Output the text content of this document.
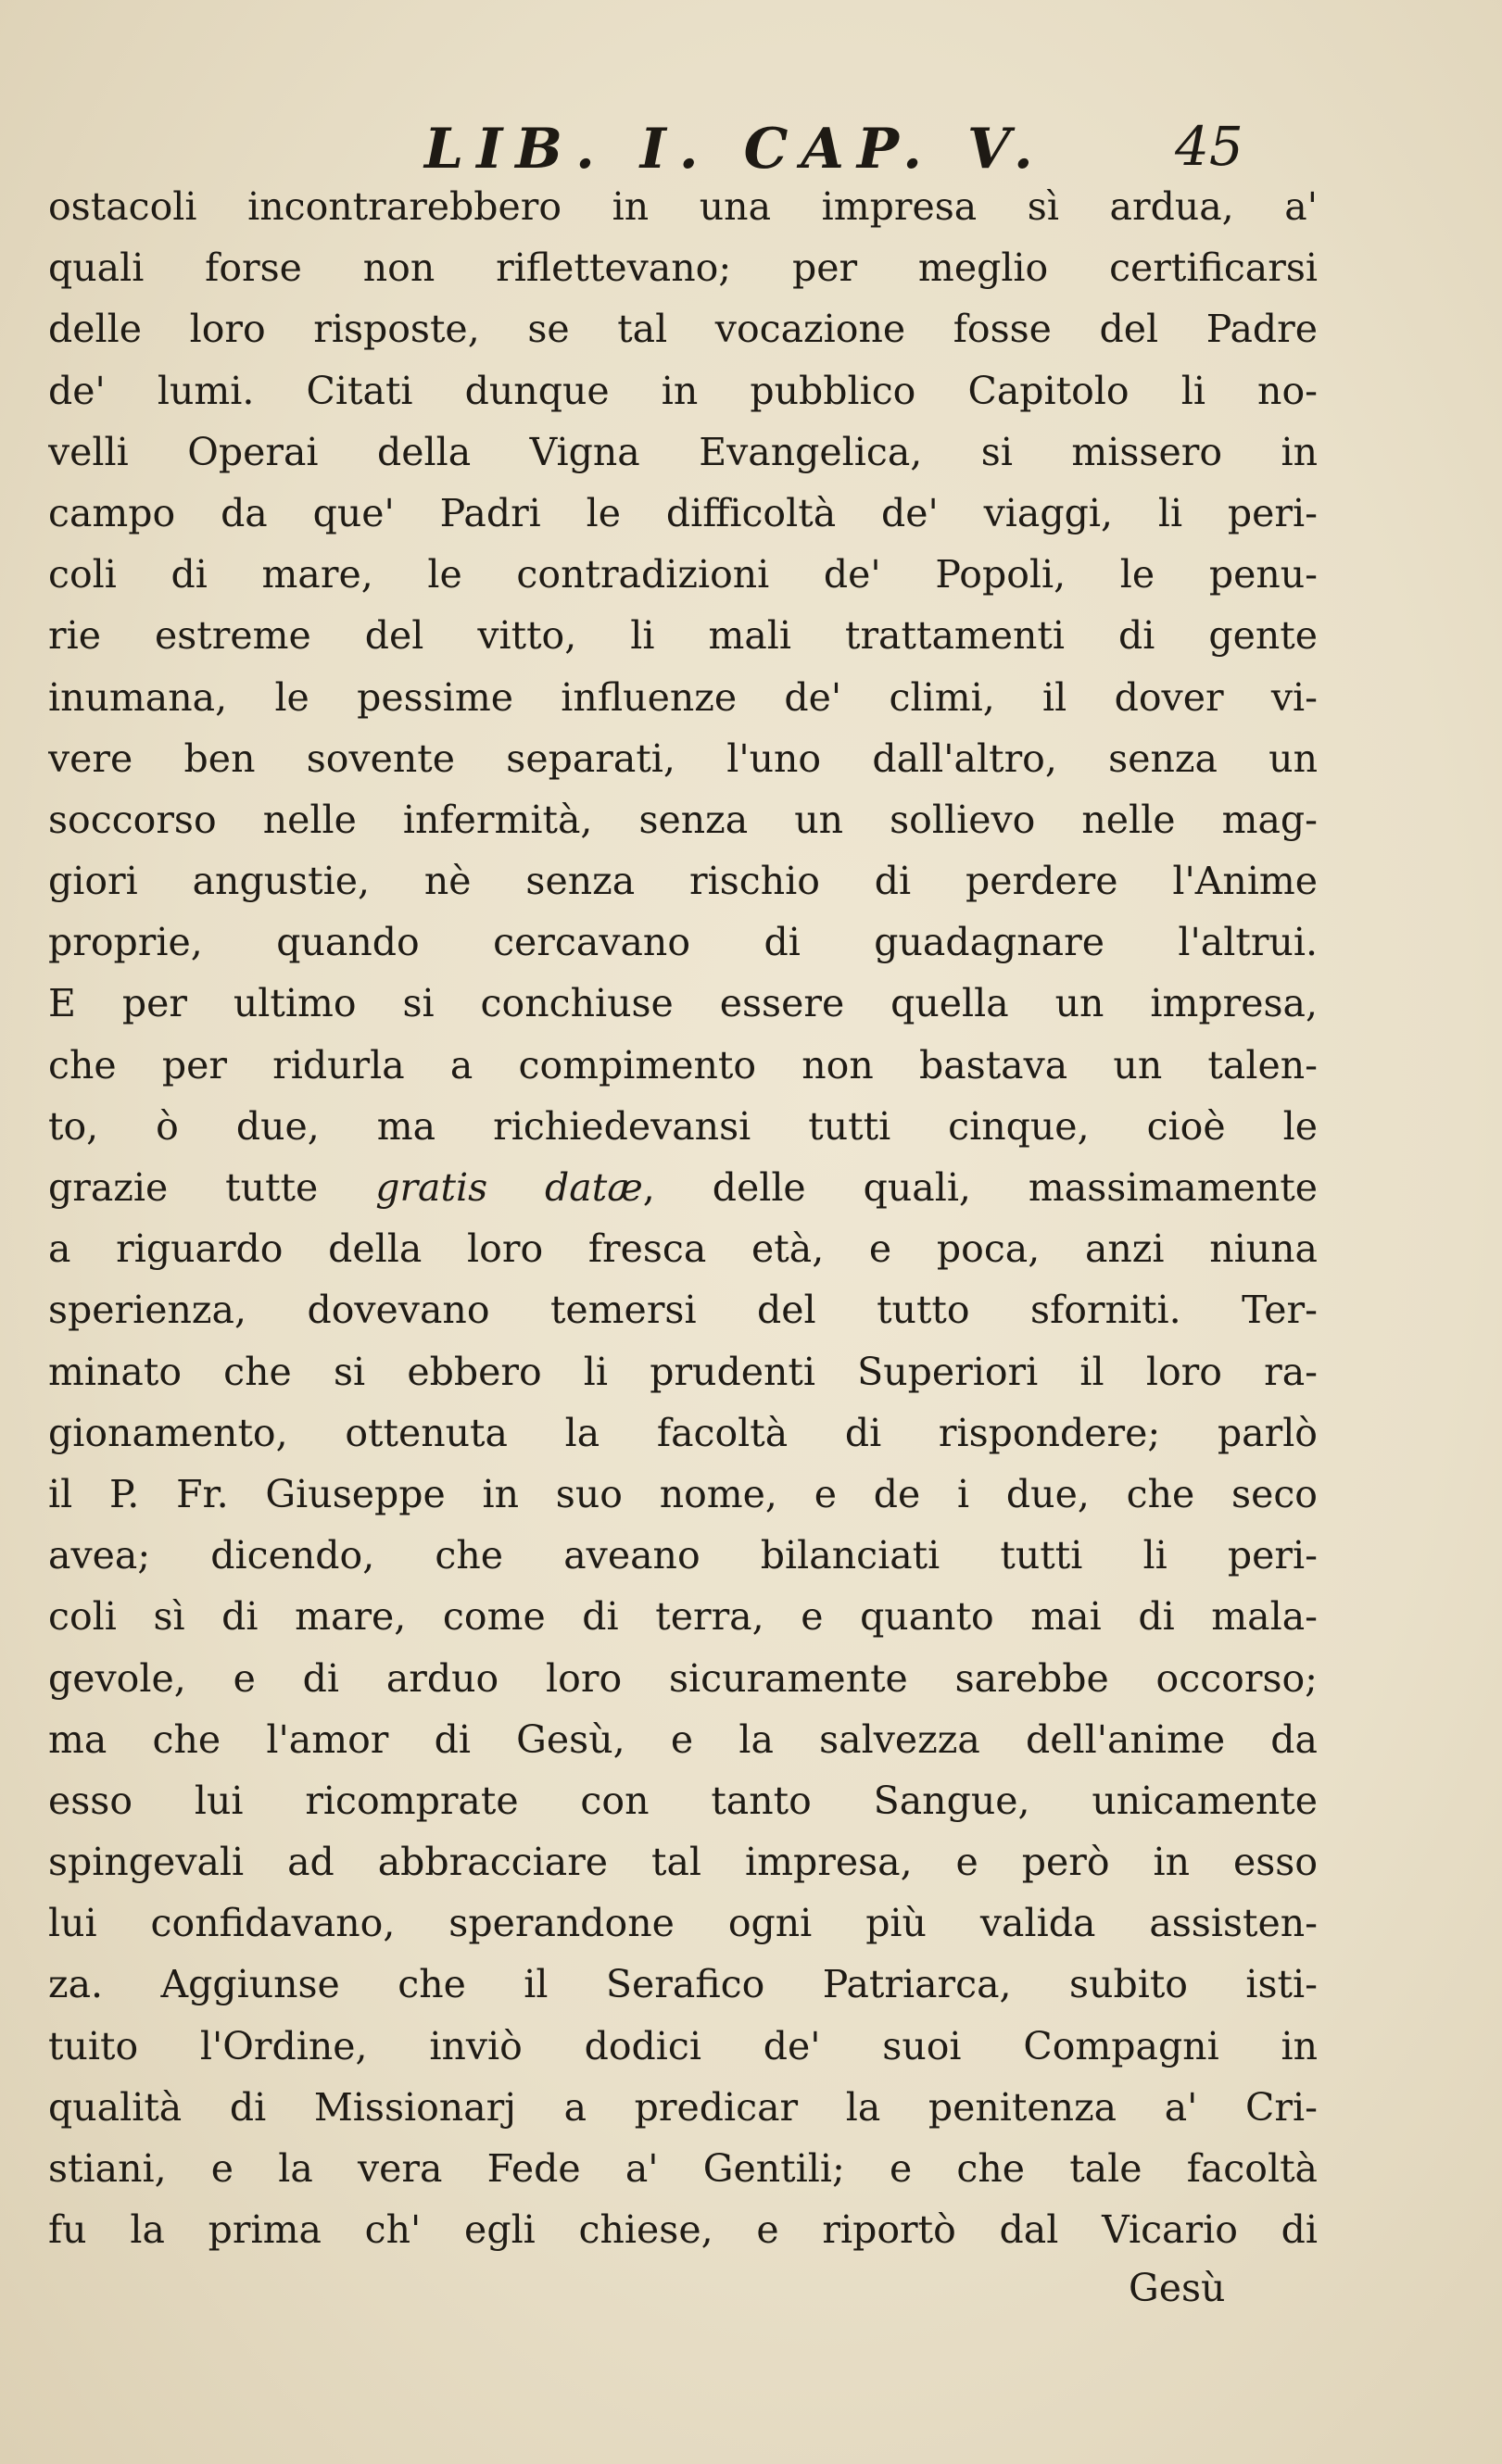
LIB. I. CAP. V. 45
ostacoli incontrarebbero in una impresa sì ardua, a'
quali forse non riflettevano; per meglio certificarsi
delle loro risposte, se tal vocazione fosse del Padre
de' lumi. Citati dunque in pubblico Capitolo li no-
velli Operai della Vigna Evangelica, si missero in
campo da que' Padri le difficoltà de' viaggi, li peri-
coli di mare, le contradizioni de' Popoli, le penu-
rie estreme del vitto, li mali trattamenti di gente
inumana, le pessime influenze de' climi, il dover vi-
vere ben sovente separati, l'uno dall'altro, senza un
soccorso nelle infermità, senza un sollievo nelle mag-
giori angustie, nè senza rischio di perdere l'Anime
proprie, quando cercavano di guadagnare l'altrui.
E per ultimo si conchiuse essere quella un impresa,
che per ridurla a compimento non bastava un talen-
to, ò due, ma richiedevansi tutti cinque, cioè le
grazie tutte gratis datæ, delle quali, massimamente
a riguardo della loro fresca età, e poca, anzi niuna
sperienza, dovevano temersi del tutto sforniti. Ter-
minato che si ebbero li prudenti Superiori il loro ra-
gionamento, ottenuta la facoltà di rispondere; parlò
il P. Fr. Giuseppe in suo nome, e de i due, che seco
avea; dicendo, che aveano bilanciati tutti li peri-
coli sì di mare, come di terra, e quanto mai di mala-
gevole, e di arduo loro sicuramente sarebbe occorso;
ma che l'amor di Gesù, e la salvezza dell'anime da
esso lui ricomprate con tanto Sangue, unicamente
spingevali ad abbracciare tal impresa, e però in esso
lui confidavano, sperandone ogni più valida assisten-
za. Aggiunse che il Serafico Patriarca, subito isti-
tuito l'Ordine, inviò dodici de' suoi Compagni in
qualità di Missionarj a predicar la penitenza a' Cri-
stiani, e la vera Fede a' Gentili; e che tale facoltà
fu la prima ch' egli chiese, e riportò dal Vicario di
Gesù
